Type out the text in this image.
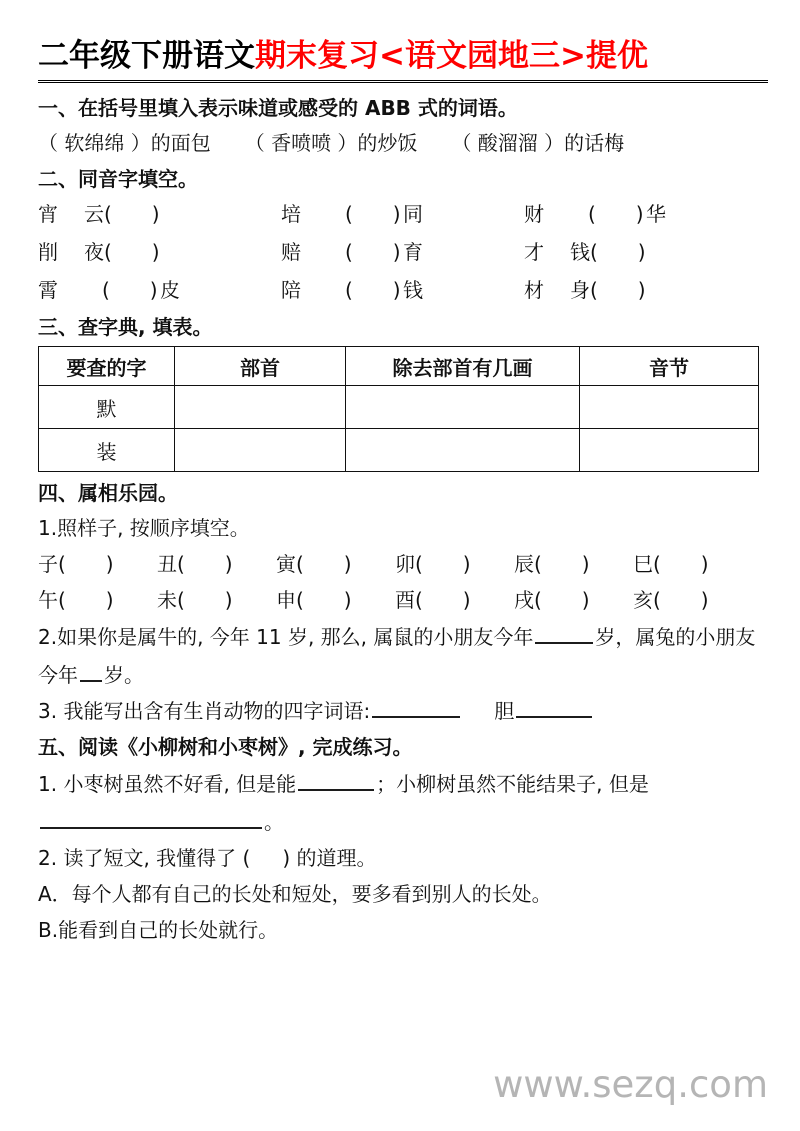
二年级下册语文期末复习<语文园地三>提优
一、在括号里填入表示味道或感受的 ABB 式的词语。
（ 软绵绵 ）的面包 （ 香喷喷 ）的炒饭 （ 酸溜溜 ）的话梅
二、同音字填空。
宵 云 (　　)	培 (　　) 同	财 (　　) 华
削 夜 (　　)	赔 (　　) 育	才 钱 (　　)
霄 (　　) 皮	陪 (　　) 钱	材 身 (　　)
三、查字典, 填表。
要查的字	部首	除去部首有几画	音节
默			
装			
四、属相乐园。
1.照样子, 按顺序填空。
子 (　　) 丑 (　　) 寅 (　　) 卯 (　　) 辰 (　　) 巳 (　　)
午 (　　) 未 (　　) 申 (　　) 酉 (　　) 戌 (　　) 亥 (　　)
2.如果你是属牛的, 今年 11 岁, 那么, 属鼠的小朋友今年	岁，属兔的小朋友今年 岁。
3. 我能写出含有生肖动物的四字词语:	胆
五、阅读《小柳树和小枣树》, 完成练习。
1. 小枣树虽然不好看, 但是能	；小柳树虽然不能结果子, 但是
。
2. 读了短文, 我懂得了 ( ) 的道理。
A．每个人都有自己的长处和短处，要多看到别人的长处。
B.能看到自己的长处就行。
www.sezq.com
